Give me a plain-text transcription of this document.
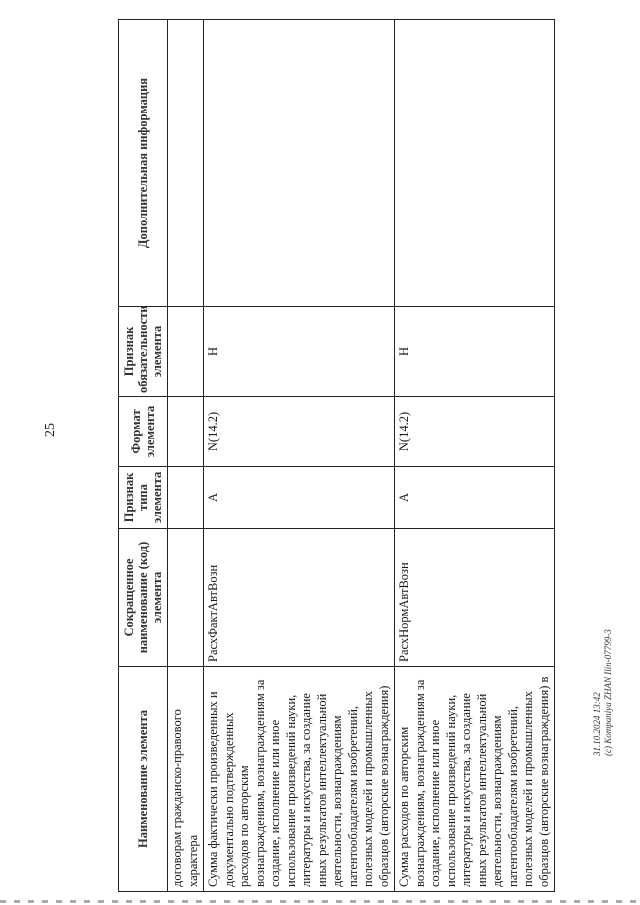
25
Наименование элемента	Сокращенное наименование (код) элемента	Признак типа элемента	Формат элемента	Признак обязательности элемента	Дополнительная информация
договорам гражданско-правового характера					
Сумма фактически произведенных и документально подтвержденных расходов по авторским вознаграждениям, вознаграждениям за создание, исполнение или иное использование произведений науки, литературы и искусства, за создание иных результатов интеллектуальной деятельности, вознаграждениям патентообладателям изобретений, полезных моделей и промышленных образцов (авторские вознаграждения)	РасхФактАвтВозн	А	N(14.2)	Н	
Сумма расходов по авторским вознаграждениям, вознаграждениям за создание, исполнение или иное использование произведений науки, литературы и искусства, за создание иных результатов интеллектуальной деятельности, вознаграждениям патентообладателям изобретений, полезных моделей и промышленных образцов (авторские вознаграждения) в	РасхНормАвтВозн	А	N(14.2)	Н	
31.10.2024 13:42 (c) Kompaniya ZHAN Ilin-07799-3
